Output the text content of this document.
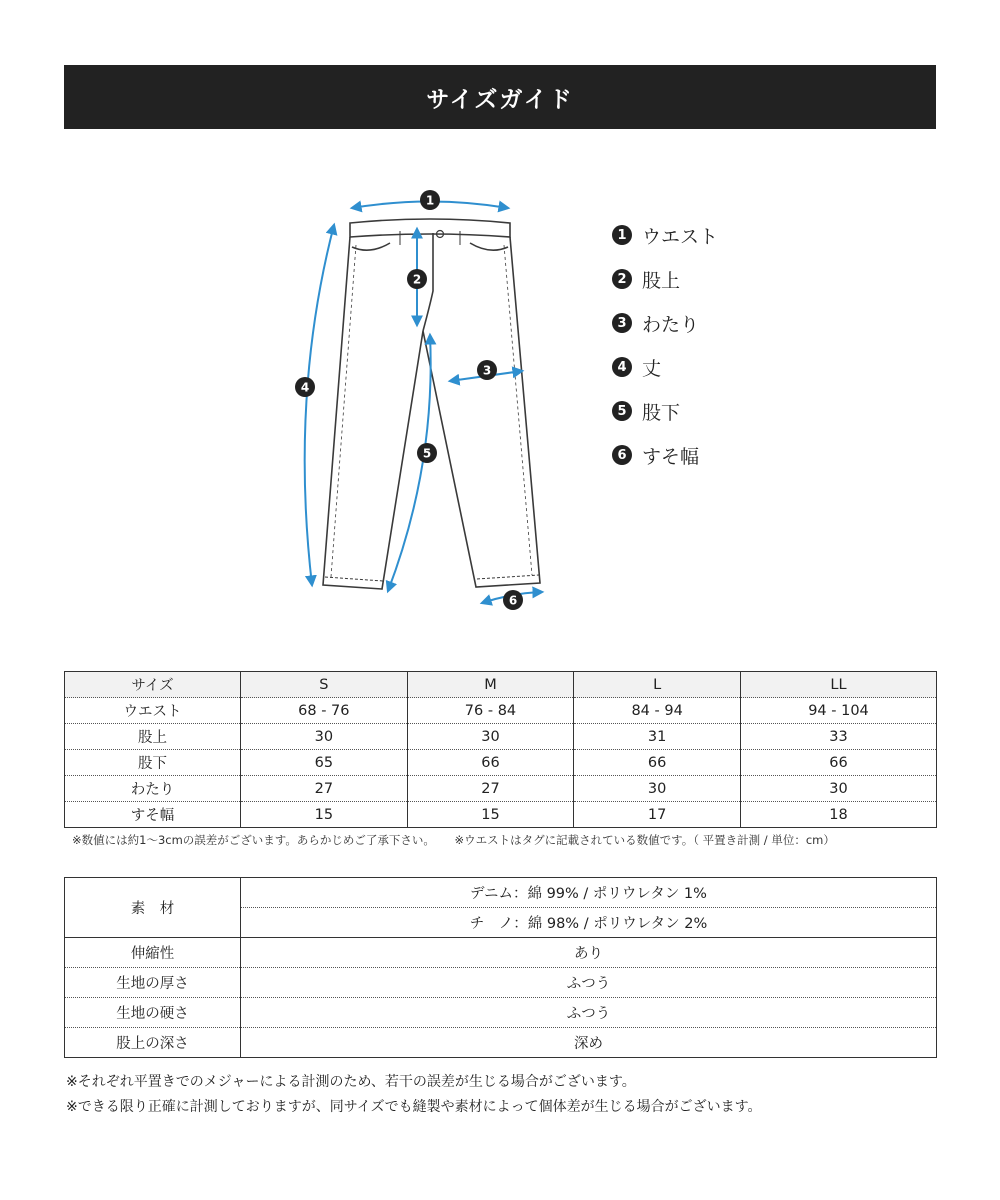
サイズガイド
1
2
3
4
5
6
1 ウエスト
2 股上
3 わたり
4 丈
5 股下
6 すそ幅
サイズ	S	M	L	LL
ウエスト	68 - 76	76 - 84	84 - 94	94 - 104
股上	30	30	31	33
股下	65	66	66	66
わたり	27	27	30	30
すそ幅	15	15	17	18
※数値には約1～3cmの誤差がございます。あらかじめご了承下さい。 ※ウエストはタグに記載されている数値です。（ 平置き計測 / 単位：cm）
素　材	デニム：綿 99% / ポリウレタン 1%
	チ　ノ：綿 98% / ポリウレタン 2%
伸縮性	あり
生地の厚さ	ふつう
生地の硬さ	ふつう
股上の深さ	深め
※それぞれ平置きでのメジャーによる計測のため、若干の誤差が生じる場合がございます。
※できる限り正確に計測しておりますが、同サイズでも縫製や素材によって個体差が生じる場合がございます。
